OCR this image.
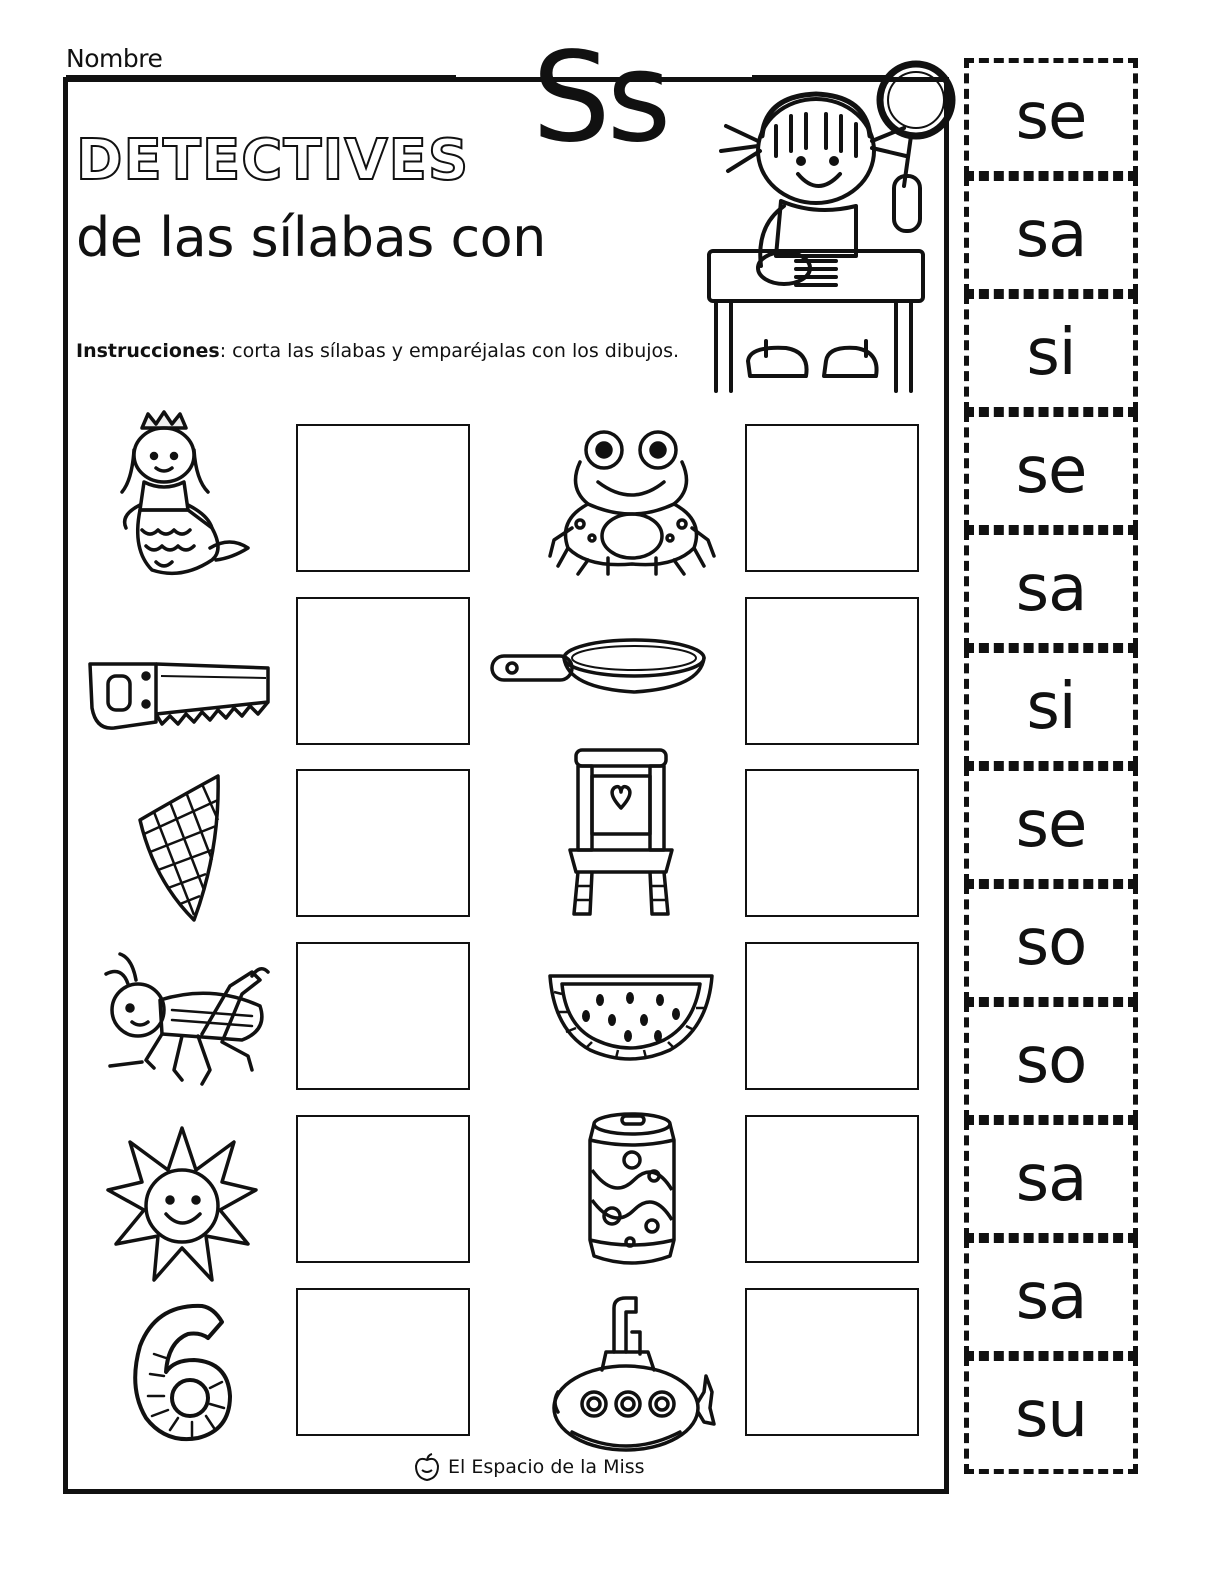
Nombre	Ss
DETECTIVES
de las sílabas con
Instrucciones: corta las sílabas y emparéjalas con los dibujos.
se
sa
si
se
sa
si
se
so
so
sa
sa
su
El Espacio de la Miss
